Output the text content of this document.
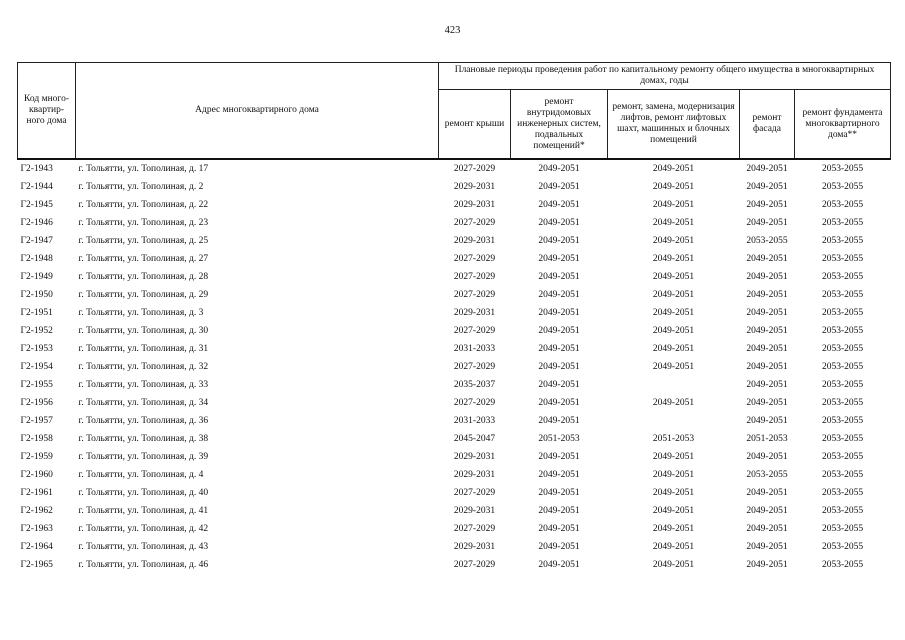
423
Код много-квартир-ного дома	Адрес многоквартирного дома	Плановые периоды проведения работ по капитальному ремонту общего имущества в многоквартирных домах, годы				
		ремонт крыши	ремонт внутридомовых инженерных систем, подвальных помещений*	ремонт, замена, модернизация лифтов, ремонт лифтовых шахт, машинных и блочных помещений	ремонт фасада	ремонт фундамента многоквартирного дома**
Г2-1943	г. Тольятти, ул. Тополиная, д. 17	2027-2029	2049-2051	2049-2051	2049-2051	2053-2055
Г2-1944	г. Тольятти, ул. Тополиная, д. 2	2029-2031	2049-2051	2049-2051	2049-2051	2053-2055
Г2-1945	г. Тольятти, ул. Тополиная, д. 22	2029-2031	2049-2051	2049-2051	2049-2051	2053-2055
Г2-1946	г. Тольятти, ул. Тополиная, д. 23	2027-2029	2049-2051	2049-2051	2049-2051	2053-2055
Г2-1947	г. Тольятти, ул. Тополиная, д. 25	2029-2031	2049-2051	2049-2051	2053-2055	2053-2055
Г2-1948	г. Тольятти, ул. Тополиная, д. 27	2027-2029	2049-2051	2049-2051	2049-2051	2053-2055
Г2-1949	г. Тольятти, ул. Тополиная, д. 28	2027-2029	2049-2051	2049-2051	2049-2051	2053-2055
Г2-1950	г. Тольятти, ул. Тополиная, д. 29	2027-2029	2049-2051	2049-2051	2049-2051	2053-2055
Г2-1951	г. Тольятти, ул. Тополиная, д. 3	2029-2031	2049-2051	2049-2051	2049-2051	2053-2055
Г2-1952	г. Тольятти, ул. Тополиная, д. 30	2027-2029	2049-2051	2049-2051	2049-2051	2053-2055
Г2-1953	г. Тольятти, ул. Тополиная, д. 31	2031-2033	2049-2051	2049-2051	2049-2051	2053-2055
Г2-1954	г. Тольятти, ул. Тополиная, д. 32	2027-2029	2049-2051	2049-2051	2049-2051	2053-2055
Г2-1955	г. Тольятти, ул. Тополиная, д. 33	2035-2037	2049-2051		2049-2051	2053-2055
Г2-1956	г. Тольятти, ул. Тополиная, д. 34	2027-2029	2049-2051	2049-2051	2049-2051	2053-2055
Г2-1957	г. Тольятти, ул. Тополиная, д. 36	2031-2033	2049-2051		2049-2051	2053-2055
Г2-1958	г. Тольятти, ул. Тополиная, д. 38	2045-2047	2051-2053	2051-2053	2051-2053	2053-2055
Г2-1959	г. Тольятти, ул. Тополиная, д. 39	2029-2031	2049-2051	2049-2051	2049-2051	2053-2055
Г2-1960	г. Тольятти, ул. Тополиная, д. 4	2029-2031	2049-2051	2049-2051	2053-2055	2053-2055
Г2-1961	г. Тольятти, ул. Тополиная, д. 40	2027-2029	2049-2051	2049-2051	2049-2051	2053-2055
Г2-1962	г. Тольятти, ул. Тополиная, д. 41	2029-2031	2049-2051	2049-2051	2049-2051	2053-2055
Г2-1963	г. Тольятти, ул. Тополиная, д. 42	2027-2029	2049-2051	2049-2051	2049-2051	2053-2055
Г2-1964	г. Тольятти, ул. Тополиная, д. 43	2029-2031	2049-2051	2049-2051	2049-2051	2053-2055
Г2-1965	г. Тольятти, ул. Тополиная, д. 46	2027-2029	2049-2051	2049-2051	2049-2051	2053-2055
